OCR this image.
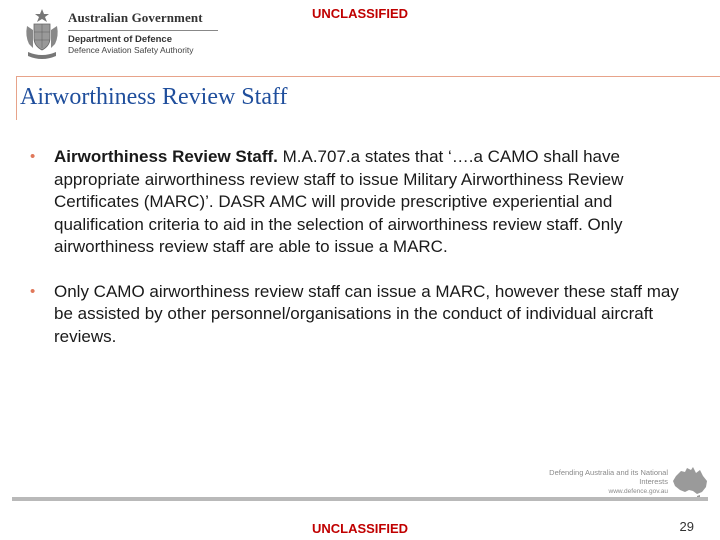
UNCLASSIFIED
Australian Government
Department of Defence
Defence Aviation Safety Authority
Airworthiness Review Staff
• Airworthiness Review Staff. M.A.707.a states that ‘….a CAMO shall have appropriate airworthiness review staff to issue Military Airworthiness Review Certificates (MARC)’. DASR AMC will provide prescriptive experiential and qualification criteria to aid in the selection of airworthiness review staff. Only airworthiness review staff are able to issue a MARC.
• Only CAMO airworthiness review staff can issue a MARC, however these staff may be assisted by other personnel/organisations in the conduct of individual aircraft reviews.
Defending Australia and its National Interests
www.defence.gov.au
UNCLASSIFIED	29
